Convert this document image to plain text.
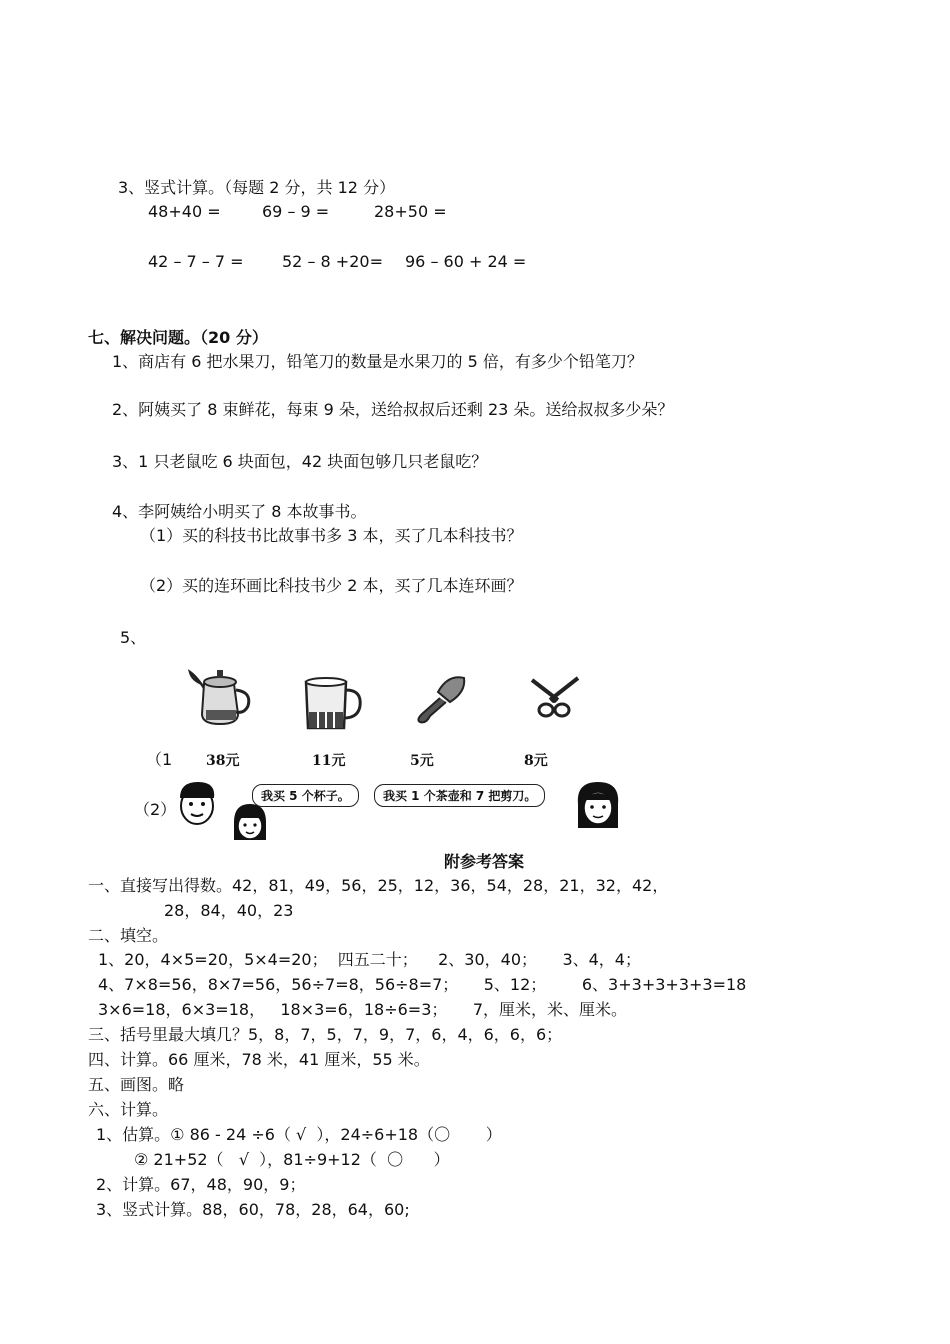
3、竖式计算。（每题 2 分，共 12 分）
48+40 =	69 – 9 =	28+50 =
42 – 7 – 7 = 52 – 8 +20= 96 – 60 + 24 =
七、解决问题。（20 分）
1、商店有 6 把水果刀，铅笔刀的数量是水果刀的 5 倍，有多少个铅笔刀？
2、阿姨买了 8 束鲜花，每束 9 朵，送给叔叔后还剩 23 朵。送给叔叔多少朵？
3、1 只老鼠吃 6 块面包，42 块面包够几只老鼠吃？
4、李阿姨给小明买了 8 本故事书。
（1）买的科技书比故事书多 3 本，买了几本科技书？
（2）买的连环画比科技书少 2 本，买了几本连环画？
5、
（1 38元	11元	5元	8元
（2）
我买 5 个杯子。	我买 1 个茶壶和 7 把剪刀。
附参考答案
一、直接写出得数。42，81，49，56，25，12，36，54，28，21，32，42，
28，84，40，23
二、填空。
1、20，4×5=20，5×4=20；  四五二十；    2、30，40；     3、4，4；
4、7×8=56，8×7=56，56÷7=8，56÷8=7；     5、12；       6、3+3+3+3+3=18
3×6=18，6×3=18，   18×3=6，18÷6=3；     7，厘米，米、厘米。
三、括号里最大填几？5，8，7，5，7，9，7，6，4，6，6，6；
四、计算。66 厘米，78 米，41 厘米，55 米。
五、画图。略
六、计算。
1、估算。① 86 - 24 ÷6（ √  ），24÷6+18（〇       ）
② 21+52（   √  ），81÷9+12（  〇      ）
2、计算。67，48，90，9；
3、竖式计算。88，60，78，28，64，60;
